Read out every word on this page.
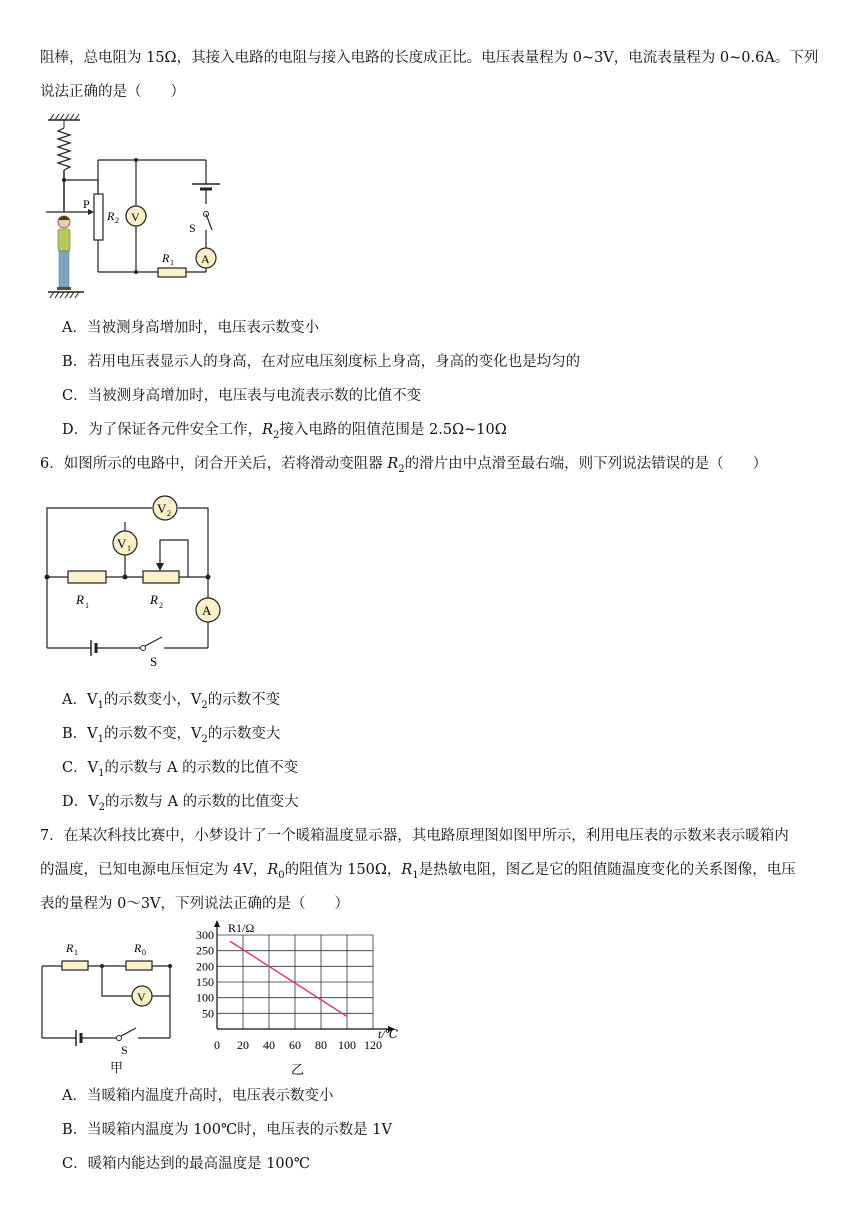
阻棒，总电阻为 15Ω，其接入电路的电阻与接入电路的长度成正比。电压表量程为 0~3V，电流表量程为 0~0.6A。下列
说法正确的是（　　）
P
R 2 V
S
A
R 1
A．当被测身高增加时，电压表示数变小
B．若用电压表显示人的身高，在对应电压刻度标上身高，身高的变化也是均匀的
C．当被测身高增加时，电压表与电流表示数的比值不变
D．为了保证各元件安全工作，$R_2$接入电路的阻值范围是 2.5Ω~10Ω
6．如图所示的电路中，闭合开关后，若将滑动变阻器 $R_2$的滑片由中点滑至最右端，则下列说法错误的是（　　）
V 2
R 1	R 2
V 1
A
S
A．$V_1$的示数变小，$V_2$的示数不变
B．$V_1$的示数不变，$V_2$的示数变大
C．$V_1$的示数与 A 的示数的比值不变
D．$V_2$的示数与 A 的示数的比值变大
7．在某次科技比赛中，小梦设计了一个暖箱温度显示器，其电路原理图如图甲所示，利用电压表的示数来表示暖箱内
的温度，已知电源电压恒定为 4V，$R_0$的阻值为 150Ω，$R_1$是热敏电阻，图乙是它的阻值随温度变化的关系图像，电压
表的量程为 0～3V，下列说法正确的是（　　）
R 1	R 0
V
S
甲
50
100
150
200
250
300
0 20 40 60 80 100 120
R1/Ω
t/℃
乙
A．当暖箱内温度升高时，电压表示数变小
B．当暖箱内温度为 100℃时，电压表的示数是 1V
C．暖箱内能达到的最高温度是 100℃
